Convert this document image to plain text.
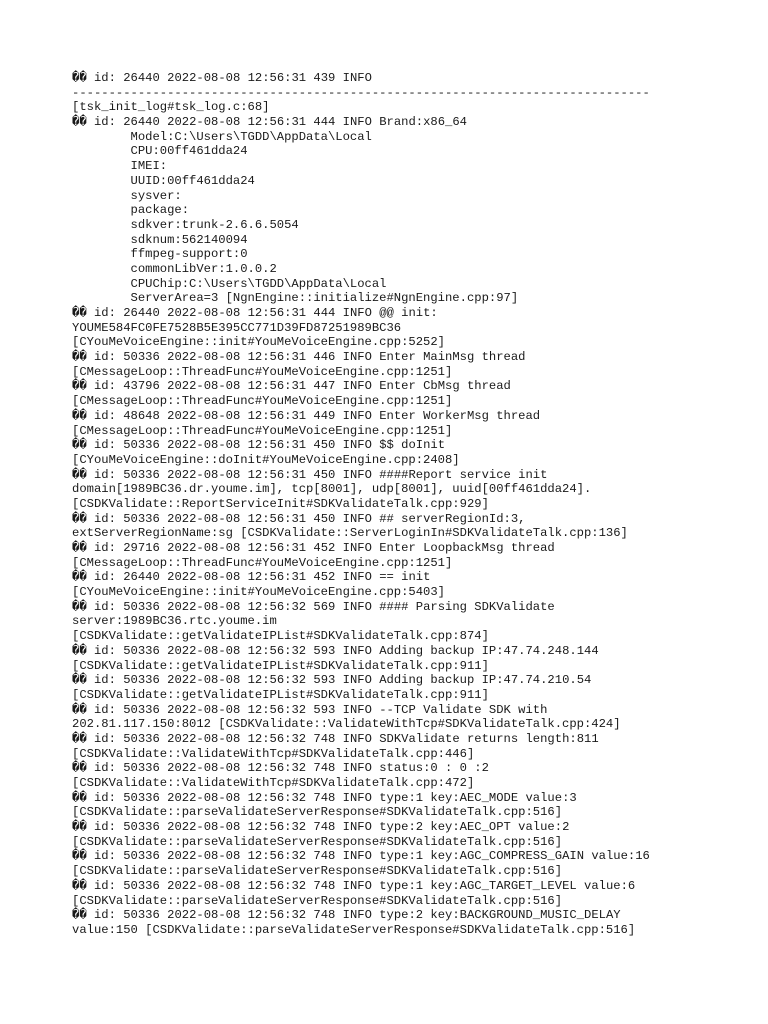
�� id: 26440 2022-08-08 12:56:31 439 INFO
-------------------------------------------------------------------------------
[tsk_init_log#tsk_log.c:68]
�� id: 26440 2022-08-08 12:56:31 444 INFO Brand:x86_64
Model:C:\Users\TGDD\AppData\Local
CPU:00ff461dda24
IMEI:
UUID:00ff461dda24
sysver:
package:
sdkver:trunk-2.6.6.5054
sdknum:562140094
ffmpeg-support:0
commonLibVer:1.0.0.2
CPUChip:C:\Users\TGDD\AppData\Local
ServerArea=3 [NgnEngine::initialize#NgnEngine.cpp:97]
�� id: 26440 2022-08-08 12:56:31 444 INFO @@ init:
YOUME584FC0FE7528B5E395CC771D39FD87251989BC36
[CYouMeVoiceEngine::init#YouMeVoiceEngine.cpp:5252]
�� id: 50336 2022-08-08 12:56:31 446 INFO Enter MainMsg thread
[CMessageLoop::ThreadFunc#YouMeVoiceEngine.cpp:1251]
�� id: 43796 2022-08-08 12:56:31 447 INFO Enter CbMsg thread
[CMessageLoop::ThreadFunc#YouMeVoiceEngine.cpp:1251]
�� id: 48648 2022-08-08 12:56:31 449 INFO Enter WorkerMsg thread
[CMessageLoop::ThreadFunc#YouMeVoiceEngine.cpp:1251]
�� id: 50336 2022-08-08 12:56:31 450 INFO $$ doInit
[CYouMeVoiceEngine::doInit#YouMeVoiceEngine.cpp:2408]
�� id: 50336 2022-08-08 12:56:31 450 INFO ####Report service init
domain[1989BC36.dr.youme.im], tcp[8001], udp[8001], uuid[00ff461dda24].
[CSDKValidate::ReportServiceInit#SDKValidateTalk.cpp:929]
�� id: 50336 2022-08-08 12:56:31 450 INFO ## serverRegionId:3,
extServerRegionName:sg [CSDKValidate::ServerLoginIn#SDKValidateTalk.cpp:136]
�� id: 29716 2022-08-08 12:56:31 452 INFO Enter LoopbackMsg thread
[CMessageLoop::ThreadFunc#YouMeVoiceEngine.cpp:1251]
�� id: 26440 2022-08-08 12:56:31 452 INFO == init
[CYouMeVoiceEngine::init#YouMeVoiceEngine.cpp:5403]
�� id: 50336 2022-08-08 12:56:32 569 INFO #### Parsing SDKValidate
server:1989BC36.rtc.youme.im
[CSDKValidate::getValidateIPList#SDKValidateTalk.cpp:874]
�� id: 50336 2022-08-08 12:56:32 593 INFO Adding backup IP:47.74.248.144
[CSDKValidate::getValidateIPList#SDKValidateTalk.cpp:911]
�� id: 50336 2022-08-08 12:56:32 593 INFO Adding backup IP:47.74.210.54
[CSDKValidate::getValidateIPList#SDKValidateTalk.cpp:911]
�� id: 50336 2022-08-08 12:56:32 593 INFO --TCP Validate SDK with
202.81.117.150:8012 [CSDKValidate::ValidateWithTcp#SDKValidateTalk.cpp:424]
�� id: 50336 2022-08-08 12:56:32 748 INFO SDKValidate returns length:811
[CSDKValidate::ValidateWithTcp#SDKValidateTalk.cpp:446]
�� id: 50336 2022-08-08 12:56:32 748 INFO status:0 : 0 :2
[CSDKValidate::ValidateWithTcp#SDKValidateTalk.cpp:472]
�� id: 50336 2022-08-08 12:56:32 748 INFO type:1 key:AEC_MODE value:3
[CSDKValidate::parseValidateServerResponse#SDKValidateTalk.cpp:516]
�� id: 50336 2022-08-08 12:56:32 748 INFO type:2 key:AEC_OPT value:2
[CSDKValidate::parseValidateServerResponse#SDKValidateTalk.cpp:516]
�� id: 50336 2022-08-08 12:56:32 748 INFO type:1 key:AGC_COMPRESS_GAIN value:16
[CSDKValidate::parseValidateServerResponse#SDKValidateTalk.cpp:516]
�� id: 50336 2022-08-08 12:56:32 748 INFO type:1 key:AGC_TARGET_LEVEL value:6
[CSDKValidate::parseValidateServerResponse#SDKValidateTalk.cpp:516]
�� id: 50336 2022-08-08 12:56:32 748 INFO type:2 key:BACKGROUND_MUSIC_DELAY
value:150 [CSDKValidate::parseValidateServerResponse#SDKValidateTalk.cpp:516]
